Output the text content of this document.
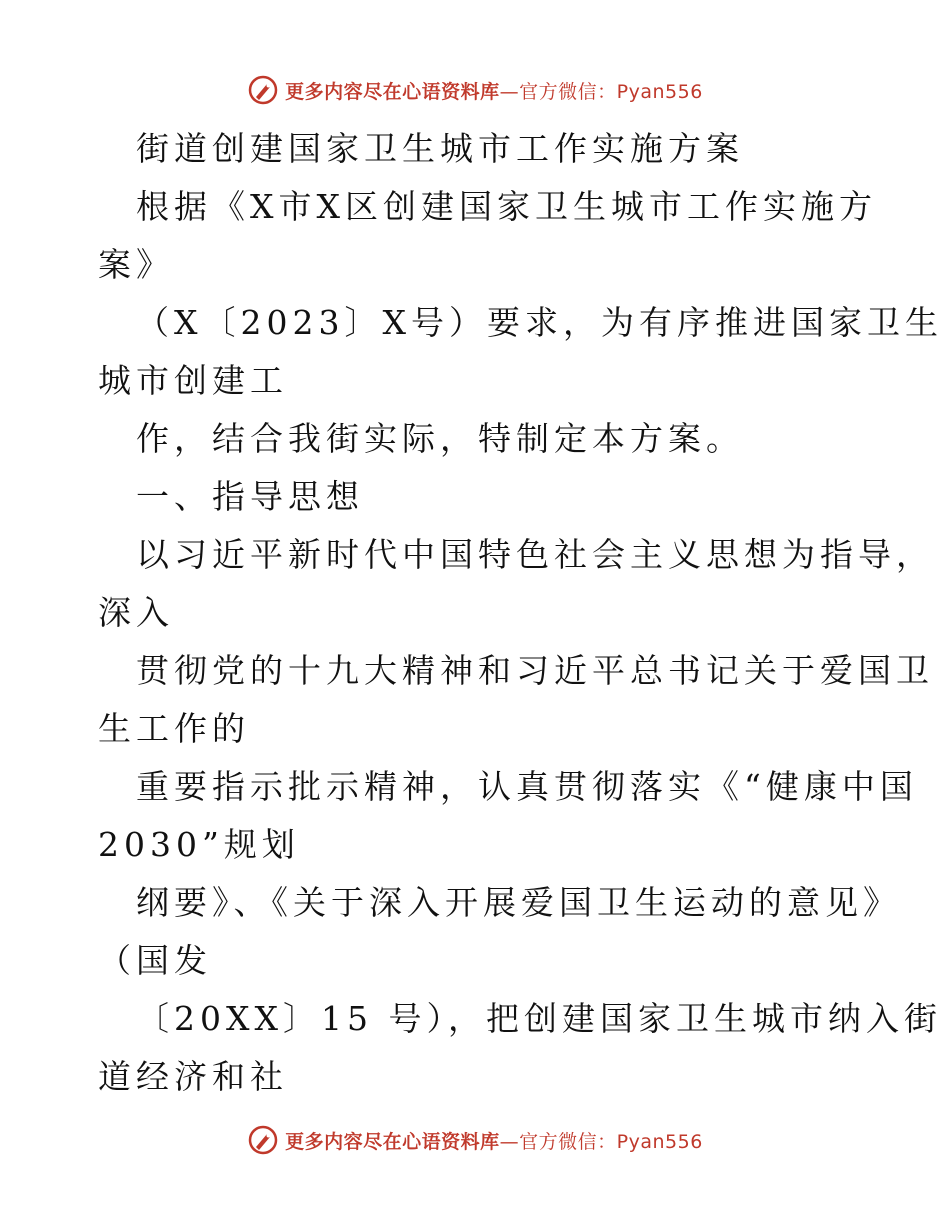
更多内容尽在心语资料库 —官方微信：Pyan556
街道创建国家卫生城市工作实施方案
根据《X市X区创建国家卫生城市工作实施方
案》
（X〔2023〕X号）要求，为有序推进国家卫生
城市创建工
作，结合我街实际，特制定本方案。
一、指导思想
以习近平新时代中国特色社会主义思想为指导，
深入
贯彻党的十九大精神和习近平总书记关于爱国卫
生工作的
重要指示批示精神，认真贯彻落实《“健康中国
2030”规划
纲要》、《关于深入开展爱国卫生运动的意见》
（国发
〔20XX〕15 号），把创建国家卫生城市纳入街
道经济和社
更多内容尽在心语资料库 —官方微信：Pyan556
